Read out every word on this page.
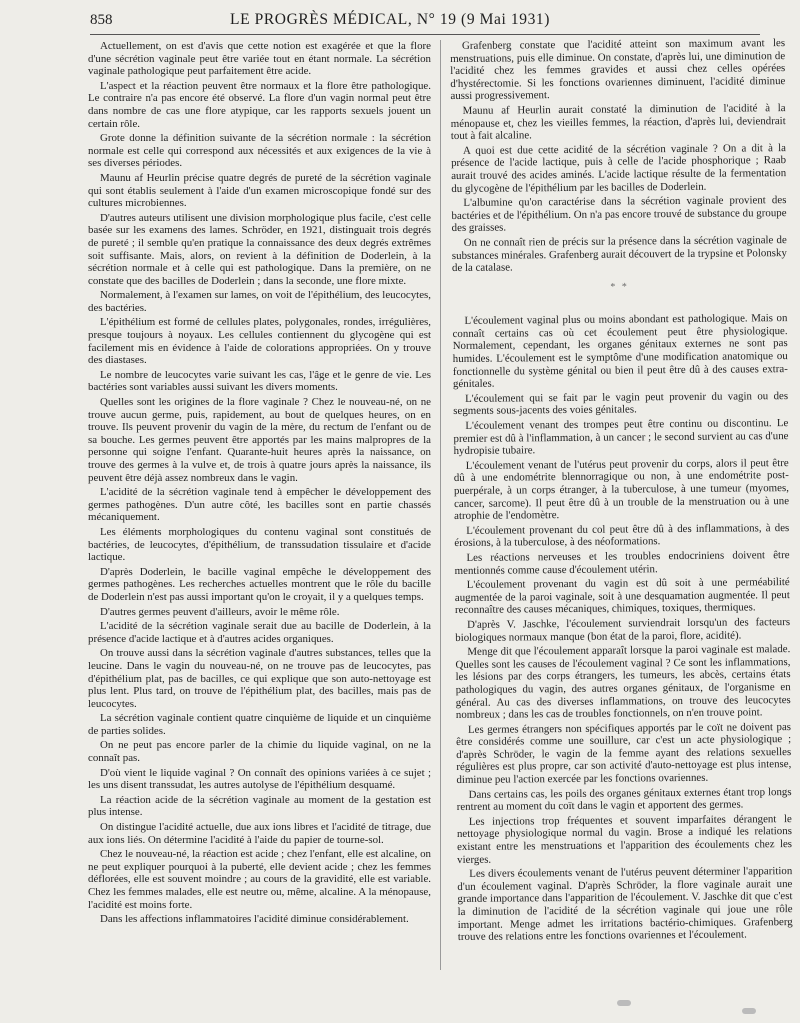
858	LE PROGRÈS MÉDICAL, N° 19 (9 Mai 1931)

Actuellement, on est d'avis que cette notion est exagérée et que la flore d'une sécrétion vaginale peut être variée tout en étant normale. La sécrétion vaginale pathologique peut parfaitement être acide.

L'aspect et la réaction peuvent être normaux et la flore être pathologique. Le contraire n'a pas encore été observé. La flore d'un vagin normal peut être dans nombre de cas une flore atypique, car les rapports sexuels jouent un certain rôle.

Grote donne la définition suivante de la sécrétion normale : la sécrétion normale est celle qui correspond aux nécessités et aux exigences de la vie à ses diverses périodes.

Maunu af Heurlin précise quatre degrés de pureté de la sécrétion vaginale qui sont établis seulement à l'aide d'un examen microscopique fondé sur des cultures microbiennes.

D'autres auteurs utilisent une division morphologique plus facile, c'est celle basée sur les examens des lames. Schröder, en 1921, distinguait trois degrés de pureté ; il semble qu'en pratique la connaissance des deux degrés extrêmes soit suffisante. Mais, alors, on revient à la définition de Doderlein, à la sécrétion normale et à celle qui est pathologique. Dans la première, on ne constate que des bacilles de Doderlein ; dans la seconde, une flore mixte.

Normalement, à l'examen sur lames, on voit de l'épithélium, des leucocytes, des bactéries.

L'épithélium est formé de cellules plates, polygonales, rondes, irrégulières, presque toujours à noyaux. Les cellules contiennent du glycogène qui est facilement mis en évidence à l'aide de colorations appropriées. On y trouve des diastases.

Le nombre de leucocytes varie suivant les cas, l'âge et le genre de vie. Les bactéries sont variables aussi suivant les divers moments.

Quelles sont les origines de la flore vaginale ? Chez le nouveau-né, on ne trouve aucun germe, puis, rapidement, au bout de quelques heures, on en trouve. Ils peuvent provenir du vagin de la mère, du rectum de l'enfant ou de sa bouche. Les germes peuvent être apportés par les mains malpropres de la personne qui soigne l'enfant. Quarante-huit heures après la naissance, on trouve des germes à la vulve et, de trois à quatre jours après la naissance, ils peuvent être déjà assez nombreux dans le vagin.

L'acidité de la sécrétion vaginale tend à empêcher le développement des germes pathogènes. D'un autre côté, les bacilles sont en partie chassés mécaniquement.

Les éléments morphologiques du contenu vaginal sont constitués de bactéries, de leucocytes, d'épithélium, de transsudation tissulaire et d'acide lactique.

D'après Doderlein, le bacille vaginal empêche le développement des germes pathogènes. Les recherches actuelles montrent que le rôle du bacille de Doderlein n'est pas aussi important qu'on le croyait, il y a quelques temps.

D'autres germes peuvent d'ailleurs, avoir le même rôle.

L'acidité de la sécrétion vaginale serait due au bacille de Doderlein, à la présence d'acide lactique et à d'autres acides organiques.

On trouve aussi dans la sécrétion vaginale d'autres substances, telles que la leucine. Dans le vagin du nouveau-né, on ne trouve pas de leucocytes, pas d'épithélium plat, pas de bacilles, ce qui explique que son auto-nettoyage est plus lent. Plus tard, on trouve de l'épithélium plat, des bacilles, mais pas de leucocytes.

La sécrétion vaginale contient quatre cinquième de liquide et un cinquième de parties solides.

On ne peut pas encore parler de la chimie du liquide vaginal, on ne la connaît pas.

D'où vient le liquide vaginal ? On connaît des opinions variées à ce sujet ; les uns disent transsudat, les autres autolyse de l'épithélium desquamé.

La réaction acide de la sécrétion vaginale au moment de la gestation est plus intense.

On distingue l'acidité actuelle, due aux ions libres et l'acidité de titrage, due aux ions liés. On détermine l'acidité à l'aide du papier de tourne-sol.

Chez le nouveau-né, la réaction est acide ; chez l'enfant, elle est alcaline, on ne peut expliquer pourquoi à la puberté, elle devient acide ; chez les femmes déflorées, elle est souvent moindre ; au cours de la gravidité, elle est variable. Chez les femmes malades, elle est neutre ou, même, alcaline. A la ménopause, l'acidité est moins forte.

Dans les affections inflammatoires l'acidité diminue considérablement.

Grafenberg constate que l'acidité atteint son maximum avant les menstruations, puis elle diminue. On constate, d'après lui, une diminution de l'acidité chez les femmes gravides et aussi chez celles opérées d'hystérectomie. Si les fonctions ovariennes diminuent, l'acidité diminue aussi progressivement.

Maunu af Heurlin aurait constaté la diminution de l'acidité à la ménopause et, chez les vieilles femmes, la réaction, d'après lui, deviendrait tout à fait alcaline.

A quoi est due cette acidité de la sécrétion vaginale ? On a dit à la présence de l'acide lactique, puis à celle de l'acide phosphorique ; Raab aurait trouvé des acides aminés. L'acide lactique résulte de la fermentation du glycogène de l'épithélium par les bacilles de Doderlein.

L'albumine qu'on caractérise dans la sécrétion vaginale provient des bactéries et de l'épithélium. On n'a pas encore trouvé de substance du groupe des graisses.

On ne connaît rien de précis sur la présence dans la sécrétion vaginale de substances minérales. Grafenberg aurait découvert de la trypsine et Polonsky de la catalase.

* *

L'écoulement vaginal plus ou moins abondant est pathologique. Mais on connaît certains cas où cet écoulement peut être physiologique. Normalement, cependant, les organes génitaux externes ne sont pas humides. L'écoulement est le symptôme d'une modification anatomique ou fonctionnelle du système génital ou bien il peut être dû à des causes extra-génitales.

L'écoulement qui se fait par le vagin peut provenir du vagin ou des segments sous-jacents des voies génitales.

L'écoulement venant des trompes peut être continu ou discontinu. Le premier est dû à l'inflammation, à un cancer ; le second survient au cas d'une hydropisie tubaire.

L'écoulement venant de l'utérus peut provenir du corps, alors il peut être dû à une endométrite blennorragique ou non, à une endométrite post-puerpérale, à un corps étranger, à la tuberculose, à une tumeur (myomes, cancer, sarcome). Il peut être dû à un trouble de la menstruation ou à une atrophie de l'endomètre.

L'écoulement provenant du col peut être dû à des inflammations, à des érosions, à la tuberculose, à des néoformations.

Les réactions nerveuses et les troubles endocriniens doivent être mentionnés comme cause d'écoulement utérin.

L'écoulement provenant du vagin est dû soit à une perméabilité augmentée de la paroi vaginale, soit à une desquamation augmentée. Il peut reconnaître des causes mécaniques, chimiques, toxiques, thermiques.

D'après V. Jaschke, l'écoulement surviendrait lorsqu'un des facteurs biologiques normaux manque (bon état de la paroi, flore, acidité).

Menge dit que l'écoulement apparaît lorsque la paroi vaginale est malade. Quelles sont les causes de l'écoulement vaginal ? Ce sont les inflammations, les lésions par des corps étrangers, les tumeurs, les abcès, certains états pathologiques du vagin, des autres organes génitaux, de l'organisme en général. Au cas des diverses inflammations, on trouve des leucocytes nombreux ; dans les cas de troubles fonctionnels, on n'en trouve point.

Les germes étrangers non spécifiques apportés par le coït ne doivent pas être considérés comme une souillure, car c'est un acte physiologique ; d'après Schröder, le vagin de la femme ayant des relations sexuelles régulières est plus propre, car son activité d'auto-nettoyage est plus intense, diminue peu l'action exercée par les fonctions ovariennes.

Dans certains cas, les poils des organes génitaux externes étant trop longs rentrent au moment du coït dans le vagin et apportent des germes.

Les injections trop fréquentes et souvent imparfaites dérangent le nettoyage physiologique normal du vagin. Brose a indiqué les relations existant entre les menstruations et l'apparition des écoulements chez les vierges.

Les divers écoulements venant de l'utérus peuvent déterminer l'apparition d'un écoulement vaginal. D'après Schröder, la flore vaginale aurait une grande importance dans l'apparition de l'écoulement. V. Jaschke dit que c'est la diminution de l'acidité de la sécrétion vaginale qui joue une rôle important. Menge admet les irritations bactério-chimiques. Grafenberg trouve des relations entre les fonctions ovariennes et l'écoulement.
